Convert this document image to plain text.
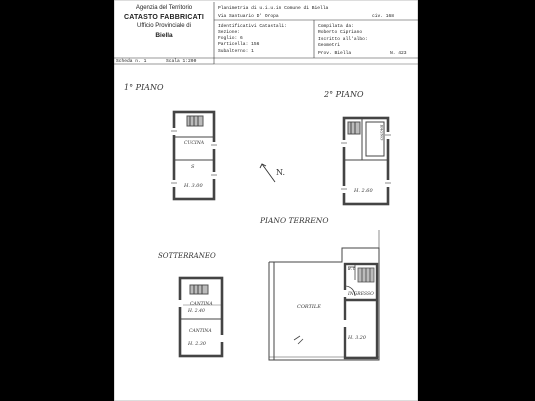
Agenzia del Territorio
CATASTO FABBRICATI
Ufficio Provinciale di
Biella
Planimetria di u.i.u.in Comune di Biella
Via Santuario D' Oropa	civ. 168
Identificativi Catastali:
Sezione:
Foglio: 6
Particella: 156
Subalterno: 1
Compilata da:
Roberto Cipriano
Iscritto all'albo:
Geometri
Prov. Biella	N. 423
Scheda n. 1	Scala 1:200
1° PIANO
2° PIANO
PIANO TERRENO
SOTTERRANEO
CUCINA
S
H. 3.00
BAGNO
H. 2.60
N.
CORTILE
W.C
INGRESSO
H. 3.20
CANTINA
H. 2.40
CANTINA
H. 2.30
